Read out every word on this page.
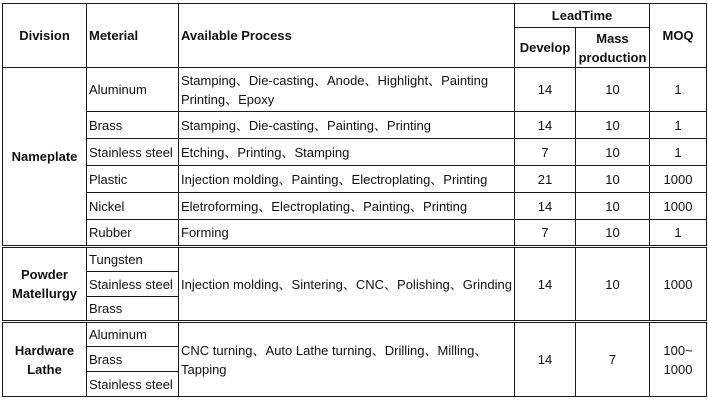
Division	Meterial	Available Process	LeadTime		MOQ
			Develop	Mass production	
Nameplate	Aluminum	Stamping、Die-casting、Anode、Highlight、Painting Printing、Epoxy	14	10	1
	Brass	Stamping、Die-casting、Painting、Printing	14	10	1
	Stainless steel	Etching、Printing、Stamping	7	10	1
	Plastic	Injection molding、Painting、Electroplating、Printing	21	10	1000
	Nickel	Eletroforming、Electroplating、Painting、Printing	14	10	1000
	Rubber	Forming	7	10	1
Powder Matellurgy	Tungsten	Injection molding、Sintering、CNC、Polishing、Grinding	14	10	1000
	Stainless steel				
	Brass				
Hardware Lathe	Aluminum	CNC turning、Auto Lathe turning、Drilling、Milling、Tapping	14	7	100~ 1000
	Brass				
	Stainless steel				
